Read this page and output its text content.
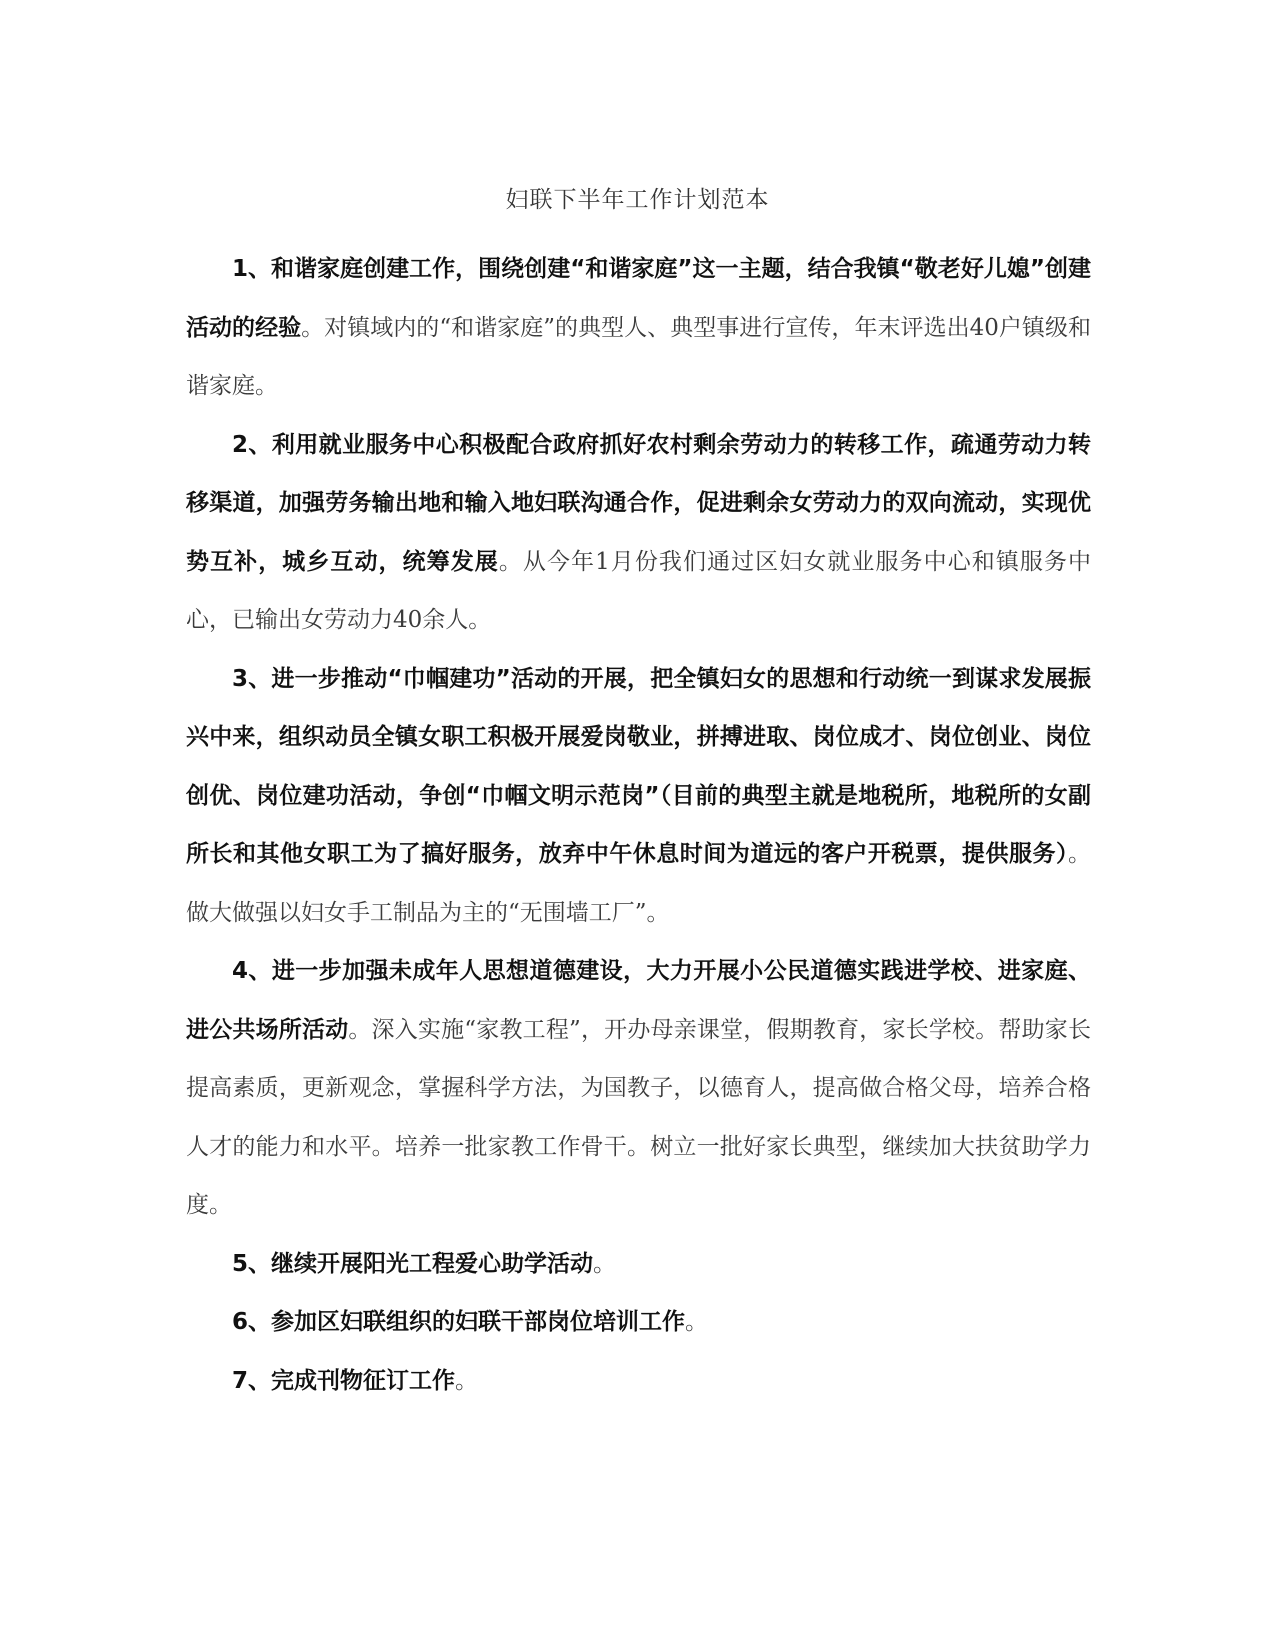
妇联下半年工作计划范本

1、和谐家庭创建工作，围绕创建“和谐家庭”这一主题，结合我镇“敬老好儿媳”创建活动的经验。对镇域内的“和谐家庭”的典型人、典型事进行宣传，年末评选出40户镇级和谐家庭。

2、利用就业服务中心积极配合政府抓好农村剩余劳动力的转移工作，疏通劳动力转移渠道，加强劳务输出地和输入地妇联沟通合作，促进剩余女劳动力的双向流动，实现优势互补，城乡互动，统筹发展。从今年1月份我们通过区妇女就业服务中心和镇服务中心，已输出女劳动力40余人。

3、进一步推动“巾帼建功”活动的开展，把全镇妇女的思想和行动统一到谋求发展振兴中来，组织动员全镇女职工积极开展爱岗敬业，拼搏进取、岗位成才、岗位创业、岗位创优、岗位建功活动，争创“巾帼文明示范岗”（目前的典型主就是地税所，地税所的女副所长和其他女职工为了搞好服务，放弃中午休息时间为道远的客户开税票，提供服务）。做大做强以妇女手工制品为主的“无围墙工厂”。

4、进一步加强未成年人思想道德建设，大力开展小公民道德实践进学校、进家庭、进公共场所活动。深入实施“家教工程”，开办母亲课堂，假期教育，家长学校。帮助家长提高素质，更新观念，掌握科学方法，为国教子，以德育人，提高做合格父母，培养合格人才的能力和水平。培养一批家教工作骨干。树立一批好家长典型，继续加大扶贫助学力度。

5、继续开展阳光工程爱心助学活动。

6、参加区妇联组织的妇联干部岗位培训工作。

7、完成刊物征订工作。
